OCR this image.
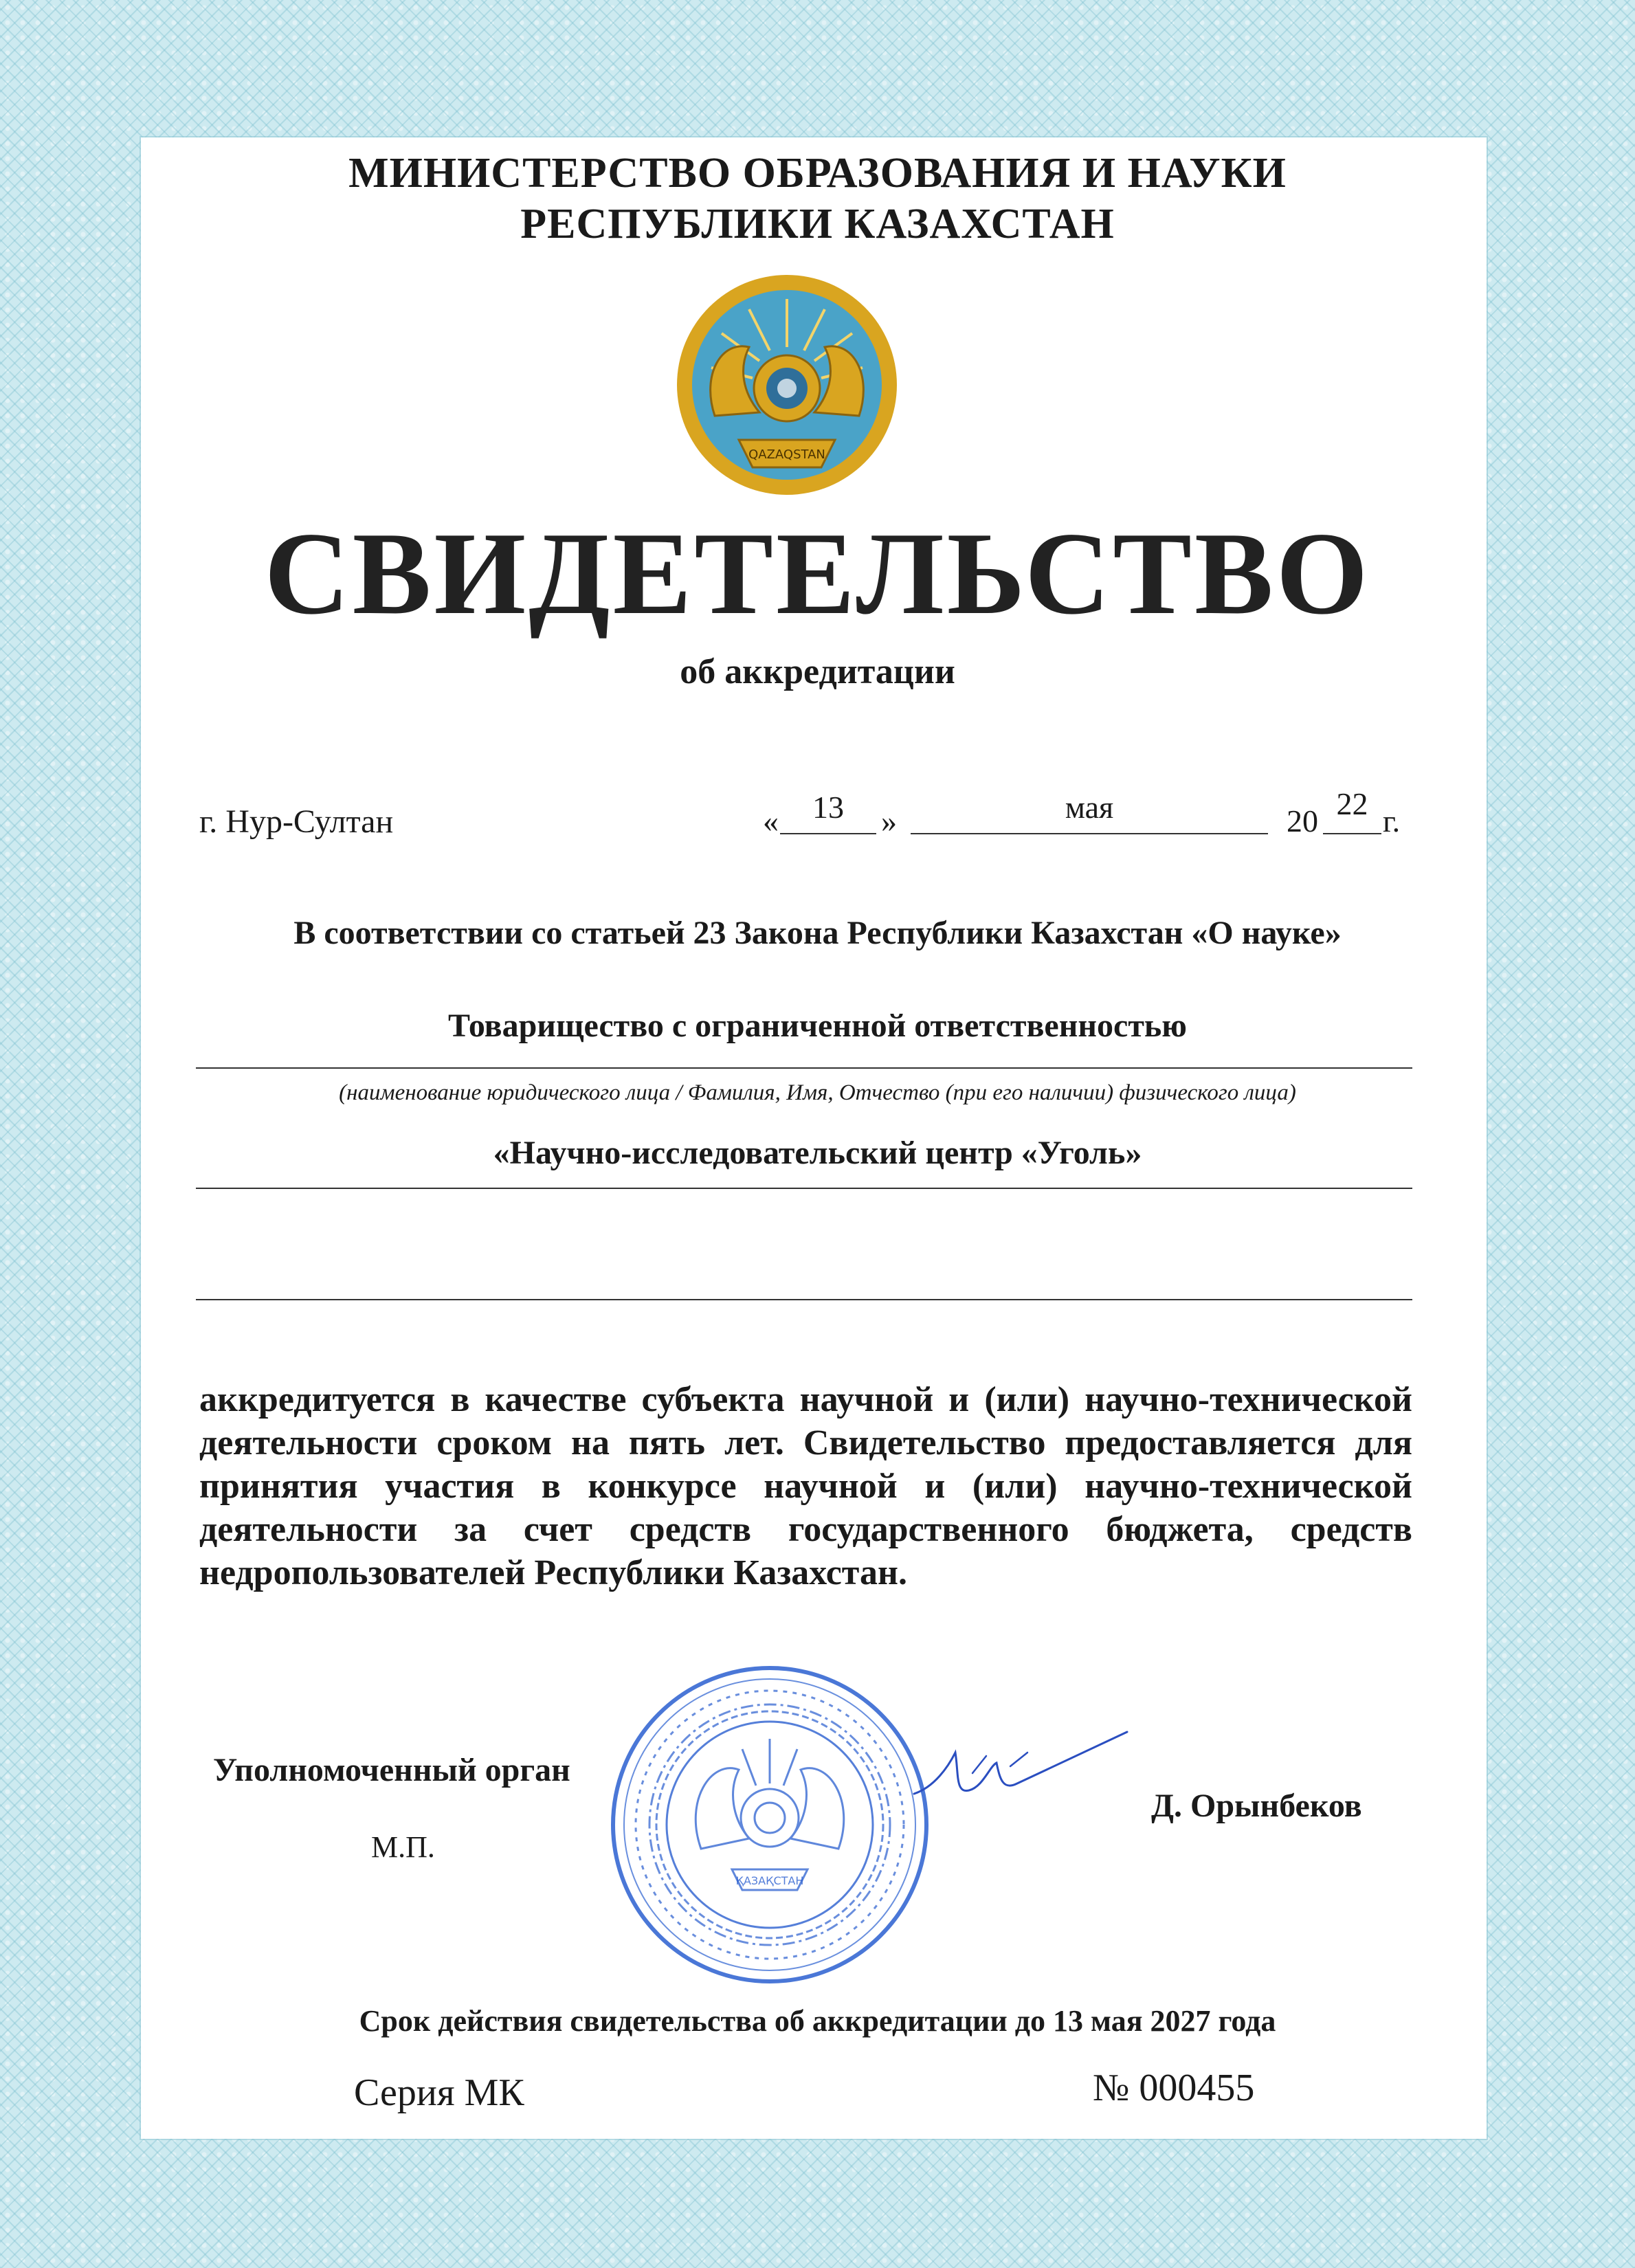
МИНИСТЕРСТВО ОБРАЗОВАНИЯ И НАУКИ
РЕСПУБЛИКИ КАЗАХСТАН
QAZAQSTAN
СВИДЕТЕЛЬСТВО
об аккредитации
г. Нур-Султан	«	13	»	мая	20 22 г.
В соответствии со статьей 23 Закона Республики Казахстан «О науке»
Товарищество с ограниченной ответственностью
(наименование юридического лица / Фамилия, Имя, Отчество (при его наличии) физического лица)
«Научно-исследовательский центр «Уголь»
аккредитуется в качестве субъекта научной и (или) научно-технической деятельности сроком на пять лет. Свидетельство предоставляется для принятия участия в конкурсе научной и (или) научно-технической деятельности за счет средств государственного бюджета, средств недропользователей Республики Казахстан.
ҚАЗАҚСТАН
Уполномоченный орган
М.П.
Д. Орынбеков
Срок действия свидетельства об аккредитации до 13 мая 2027 года
Серия МК	№ 000455
